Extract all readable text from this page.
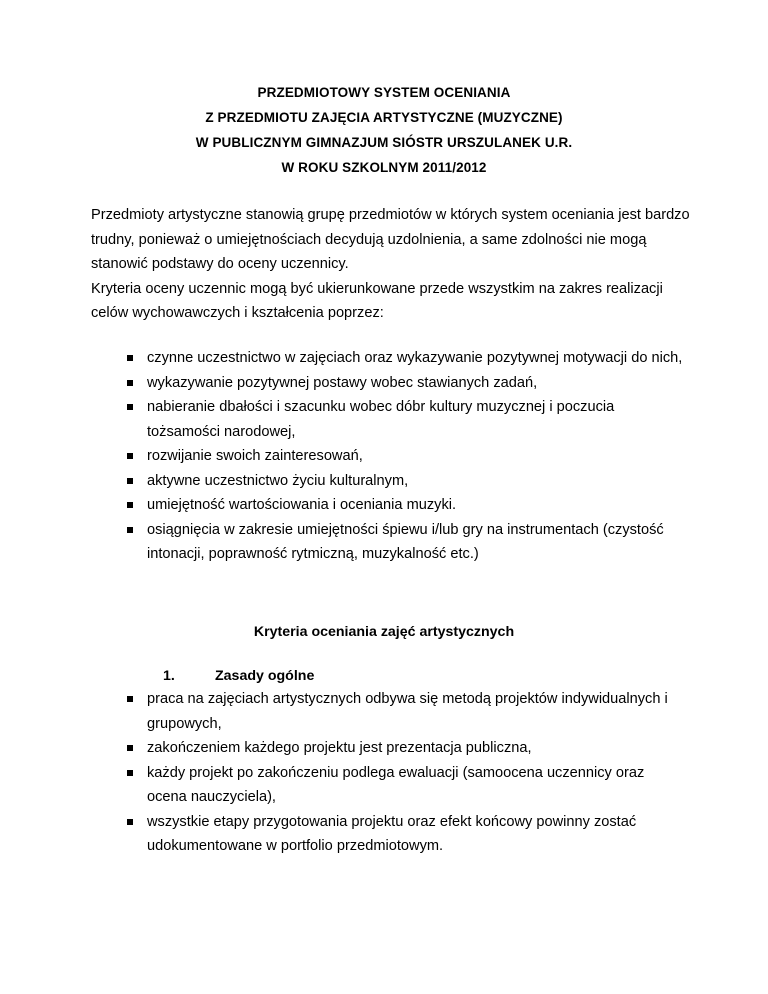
PRZEDMIOTOWY SYSTEM OCENIANIA
Z PRZEDMIOTU ZAJĘCIA ARTYSTYCZNE (MUZYCZNE)
W PUBLICZNYM GIMNAZJUM SIÓSTR URSZULANEK U.R.
W ROKU SZKOLNYM 2011/2012

Przedmioty artystyczne stanowią grupę przedmiotów w których system oceniania jest bardzo trudny, ponieważ o umiejętnościach decydują uzdolnienia, a same zdolności nie mogą stanowić podstawy do oceny uczennicy.

Kryteria oceny uczennic mogą być ukierunkowane przede wszystkim na zakres realizacji celów wychowawczych i kształcenia poprzez:

czynne uczestnictwo w zajęciach oraz wykazywanie pozytywnej motywacji do nich,
wykazywanie pozytywnej postawy wobec stawianych zadań,
nabieranie dbałości i szacunku wobec dóbr kultury muzycznej i poczucia tożsamości narodowej,
rozwijanie swoich zainteresowań,
aktywne uczestnictwo życiu kulturalnym,
umiejętność wartościowania i oceniania muzyki.
osiągnięcia w zakresie umiejętności śpiewu i/lub gry na instrumentach (czystość intonacji, poprawność rytmiczną, muzykalność etc.)
Kryteria oceniania zajęć artystycznych
1.	Zasady ogólne
praca na zajęciach artystycznych odbywa się metodą projektów indywidualnych i grupowych,
zakończeniem każdego projektu jest prezentacja publiczna,
każdy projekt po zakończeniu podlega ewaluacji (samoocena uczennicy oraz ocena nauczyciela),
wszystkie etapy przygotowania projektu oraz efekt końcowy powinny zostać udokumentowane w portfolio przedmiotowym.
